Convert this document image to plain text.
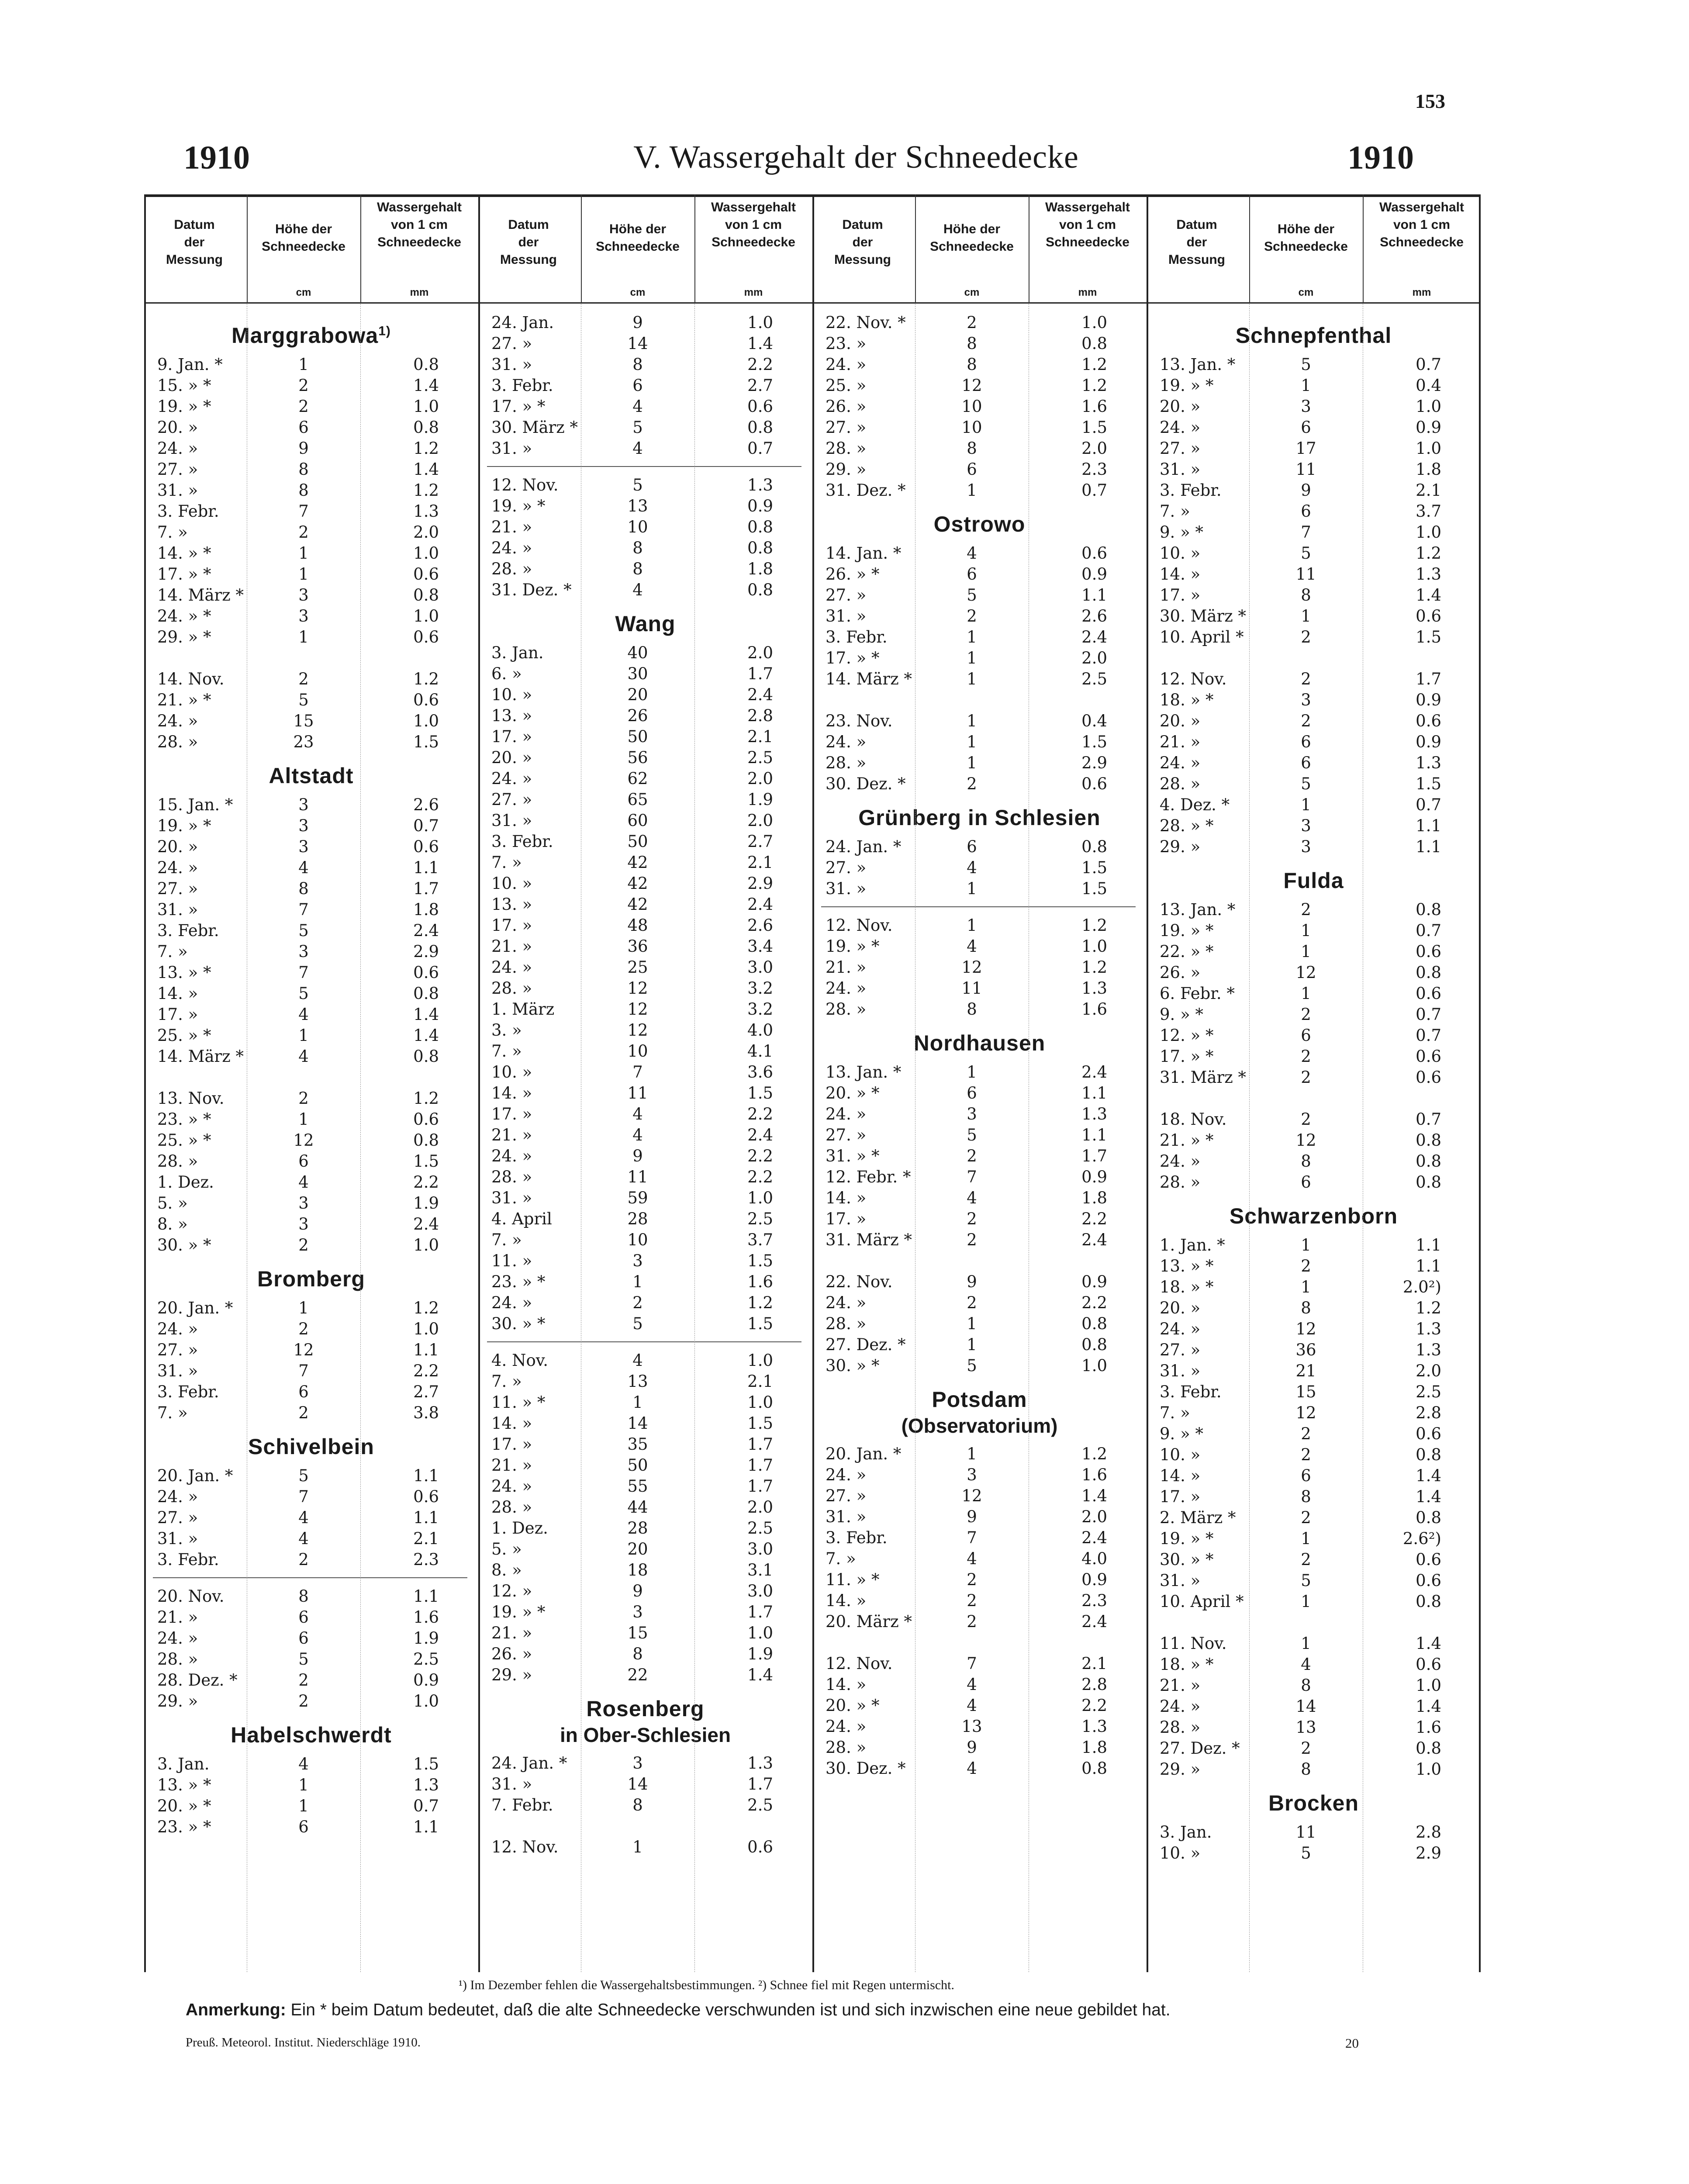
153
1910	V. Wassergehalt der Schneedecke	1910
Datum
der
Messung
Höhe der
Schneedecke
Wassergehalt
von 1 cm
Schneedecke
cm	mm
Marggrabowa$^{1)}$
9. Jan. *	1	0.8
15. » *	2	1.4
19. » *	2	1.0
20. »	6	0.8
24. »	9	1.2
27. »	8	1.4
31. »	8	1.2
3. Febr.	7	1.3
7. »	2	2.0
14. » *	1	1.0
17. » *	1	0.6
14. März *	3	0.8
24. » *	3	1.0
29. » *	1	0.6
14. Nov.	2	1.2
21. » *	5	0.6
24. »	15	1.0
28. »	23	1.5
Altstadt
15. Jan. *	3	2.6
19. » *	3	0.7
20. »	3	0.6
24. »	4	1.1
27. »	8	1.7
31. »	7	1.8
3. Febr.	5	2.4
7. »	3	2.9
13. » *	7	0.6
14. »	5	0.8
17. »	4	1.4
25. » *	1	1.4
14. März *	4	0.8
13. Nov.	2	1.2
23. » *	1	0.6
25. » *	12	0.8
28. »	6	1.5
1. Dez.	4	2.2
5. »	3	1.9
8. »	3	2.4
30. » *	2	1.0
Bromberg
20. Jan. *	1	1.2
24. »	2	1.0
27. »	12	1.1
31. »	7	2.2
3. Febr.	6	2.7
7. »	2	3.8
Schivelbein
20. Jan. *	5	1.1
24. »	7	0.6
27. »	4	1.1
31. »	4	2.1
3. Febr.	2	2.3
20. Nov.	8	1.1
21. »	6	1.6
24. »	6	1.9
28. »	5	2.5
28. Dez. *	2	0.9
29. »	2	1.0
Habelschwerdt
3. Jan.	4	1.5
13. » *	1	1.3
20. » *	1	0.7
23. » *	6	1.1
Datum
der
Messung
Höhe der
Schneedecke
Wassergehalt
von 1 cm
Schneedecke
cm	mm
24. Jan.	9	1.0
27. »	14	1.4
31. »	8	2.2
3. Febr.	6	2.7
17. » *	4	0.6
30. März *	5	0.8
31. »	4	0.7
12. Nov.	5	1.3
19. » *	13	0.9
21. »	10	0.8
24. »	8	0.8
28. »	8	1.8
31. Dez. *	4	0.8
Wang
3. Jan.	40	2.0
6. »	30	1.7
10. »	20	2.4
13. »	26	2.8
17. »	50	2.1
20. »	56	2.5
24. »	62	2.0
27. »	65	1.9
31. »	60	2.0
3. Febr.	50	2.7
7. »	42	2.1
10. »	42	2.9
13. »	42	2.4
17. »	48	2.6
21. »	36	3.4
24. »	25	3.0
28. »	12	3.2
1. März	12	3.2
3. »	12	4.0
7. »	10	4.1
10. »	7	3.6
14. »	11	1.5
17. »	4	2.2
21. »	4	2.4
24. »	9	2.2
28. »	11	2.2
31. »	59	1.0
4. April	28	2.5
7. »	10	3.7
11. »	3	1.5
23. » *	1	1.6
24. »	2	1.2
30. » *	5	1.5
4. Nov.	4	1.0
7. »	13	2.1
11. » *	1	1.0
14. »	14	1.5
17. »	35	1.7
21. »	50	1.7
24. »	55	1.7
28. »	44	2.0
1. Dez.	28	2.5
5. »	20	3.0
8. »	18	3.1
12. »	9	3.0
19. » *	3	1.7
21. »	15	1.0
26. »	8	1.9
29. »	22	1.4
Rosenberg
in Ober-Schlesien
24. Jan. *	3	1.3
31. »	14	1.7
7. Febr.	8	2.5
12. Nov.	1	0.6
Datum
der
Messung
Höhe der
Schneedecke
Wassergehalt
von 1 cm
Schneedecke
cm	mm
22. Nov. *	2	1.0
23. »	8	0.8
24. »	8	1.2
25. »	12	1.2
26. »	10	1.6
27. »	10	1.5
28. »	8	2.0
29. »	6	2.3
31. Dez. *	1	0.7
Ostrowo
14. Jan. *	4	0.6
26. » *	6	0.9
27. »	5	1.1
31. »	2	2.6
3. Febr.	1	2.4
17. » *	1	2.0
14. März *	1	2.5
23. Nov.	1	0.4
24. »	1	1.5
28. »	1	2.9
30. Dez. *	2	0.6
Grünberg in Schlesien
24. Jan. *	6	0.8
27. »	4	1.5
31. »	1	1.5
12. Nov.	1	1.2
19. » *	4	1.0
21. »	12	1.2
24. »	11	1.3
28. »	8	1.6
Nordhausen
13. Jan. *	1	2.4
20. » *	6	1.1
24. »	3	1.3
27. »	5	1.1
31. » *	2	1.7
12. Febr. *	7	0.9
14. »	4	1.8
17. »	2	2.2
31. März *	2	2.4
22. Nov.	9	0.9
24. »	2	2.2
28. »	1	0.8
27. Dez. *	1	0.8
30. » *	5	1.0
Potsdam
(Observatorium)
20. Jan. *	1	1.2
24. »	3	1.6
27. »	12	1.4
31. »	9	2.0
3. Febr.	7	2.4
7. »	4	4.0
11. » *	2	0.9
14. »	2	2.3
20. März *	2	2.4
12. Nov.	7	2.1
14. »	4	2.8
20. » *	4	2.2
24. »	13	1.3
28. »	9	1.8
30. Dez. *	4	0.8
Datum
der
Messung
Höhe der
Schneedecke
Wassergehalt
von 1 cm
Schneedecke
cm	mm
Schnepfenthal
13. Jan. *	5	0.7
19. » *	1	0.4
20. »	3	1.0
24. »	6	0.9
27. »	17	1.0
31. »	11	1.8
3. Febr.	9	2.1
7. »	6	3.7
9. » *	7	1.0
10. »	5	1.2
14. »	11	1.3
17. »	8	1.4
30. März *	1	0.6
10. April *	2	1.5
12. Nov.	2	1.7
18. » *	3	0.9
20. »	2	0.6
21. »	6	0.9
24. »	6	1.3
28. »	5	1.5
4. Dez. *	1	0.7
28. » *	3	1.1
29. »	3	1.1
Fulda
13. Jan. *	2	0.8
19. » *	1	0.7
22. » *	1	0.6
26. »	12	0.8
6. Febr. *	1	0.6
9. » *	2	0.7
12. » *	6	0.7
17. » *	2	0.6
31. März *	2	0.6
18. Nov.	2	0.7
21. » *	12	0.8
24. »	8	0.8
28. »	6	0.8
Schwarzenborn
1. Jan. *	1	1.1
13. » *	2	1.1
18. » *	1	2.0²)
20. »	8	1.2
24. »	12	1.3
27. »	36	1.3
31. »	21	2.0
3. Febr.	15	2.5
7. »	12	2.8
9. » *	2	0.6
10. »	2	0.8
14. »	6	1.4
17. »	8	1.4
2. März *	2	0.8
19. » *	1	2.6²)
30. » *	2	0.6
31. »	5	0.6
10. April *	1	0.8
11. Nov.	1	1.4
18. » *	4	0.6
21. »	8	1.0
24. »	14	1.4
28. »	13	1.6
27. Dez. *	2	0.8
29. »	8	1.0
Brocken
3. Jan.	11	2.8
10. »	5	2.9
¹) Im Dezember fehlen die Wassergehaltsbestimmungen. ²) Schnee fiel mit Regen untermischt.
Anmerkung: Ein * beim Datum bedeutet, daß die alte Schneedecke verschwunden ist und sich inzwischen eine neue gebildet hat.
Preuß. Meteorol. Institut. Niederschläge 1910.	20
